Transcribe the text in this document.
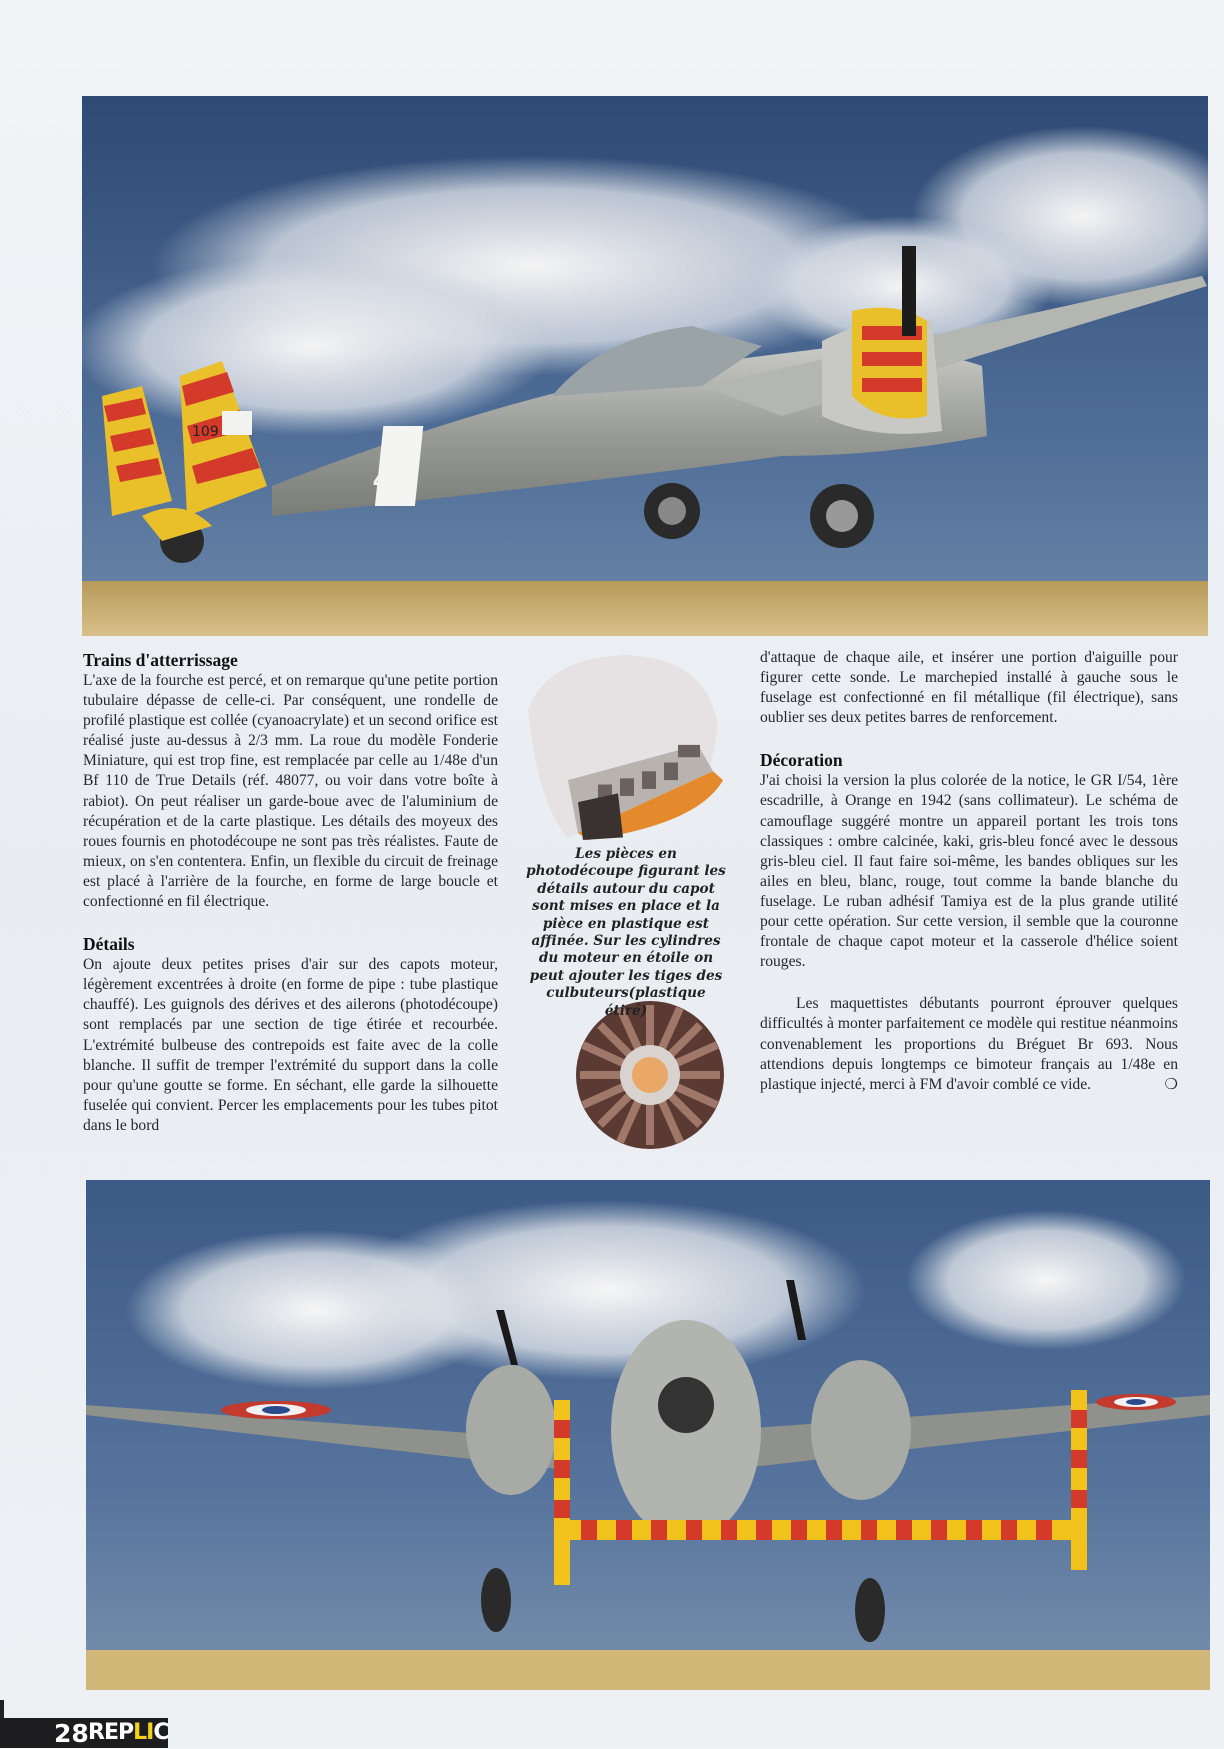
4
109
Trains d'atterrissage

L'axe de la fourche est percé, et on remarque qu'une petite portion tubulaire dépasse de celle-ci. Par conséquent, une rondelle de profilé plastique est collée (cyanoacrylate) et un second orifice est réalisé juste au-dessus à 2/3 mm. La roue du modèle Fonderie Miniature, qui est trop fine, est remplacée par celle au 1/48e d'un Bf 110 de True Details (réf. 48077, ou voir dans votre boîte à rabiot). On peut réaliser un garde-boue avec de l'aluminium de récupération et de la carte plastique. Les détails des moyeux des roues fournis en photodécoupe ne sont pas très réalistes. Faute de mieux, on s'en contentera. Enfin, un flexible du circuit de freinage est placé à l'arrière de la fourche, en forme de large boucle et confectionné en fil électrique.

Détails

On ajoute deux petites prises d'air sur des capots moteur, légèrement excentrées à droite (en forme de pipe : tube plastique chauffé). Les guignols des dérives et des ailerons (photodécoupe) sont remplacés par une section de tige étirée et recourbée. L'extrémité bulbeuse des contrepoids est faite avec de la colle blanche. Il suffit de tremper l'extrémité du support dans la colle pour qu'une goutte se forme. En séchant, elle garde la silhouette fuselée qui convient. Percer les emplacements pour les tubes pitot dans le bord

Les pièces en photodécoupe figurant les détails autour du capot sont mises en place et la pièce en plastique est affinée. Sur les cylindres du moteur en étoile on peut ajouter les tiges des culbuteurs(plastique étiré)

d'attaque de chaque aile, et insérer une portion d'aiguille pour figurer cette sonde. Le marchepied installé à gauche sous le fuselage est confectionné en fil métallique (fil électrique), sans oublier ses deux petites barres de renforcement.

Décoration

J'ai choisi la version la plus colorée de la notice, le GR I/54, 1ère escadrille, à Orange en 1942 (sans collimateur). Le schéma de camouflage suggéré montre un appareil portant les trois tons classiques : ombre calcinée, kaki, gris-bleu foncé avec le dessous gris-bleu ciel. Il faut faire soi-même, les bandes obliques sur les ailes en bleu, blanc, rouge, tout comme la bande blanche du fuselage. Le ruban adhésif Tamiya est de la plus grande utilité pour cette opération. Sur cette version, il semble que la couronne frontale de chaque capot moteur et la casserole d'hélice soient rouges.

Les maquettistes débutants pourront éprouver quelques difficultés à monter parfaitement ce modèle qui restitue néanmoins convenablement les proportions du Bréguet Br 693. Nous attendions depuis longtemps ce bimoteur français au 1/48e en plastique injecté, merci à FM d'avoir comblé ce vide.	❍

28 REPLIC
